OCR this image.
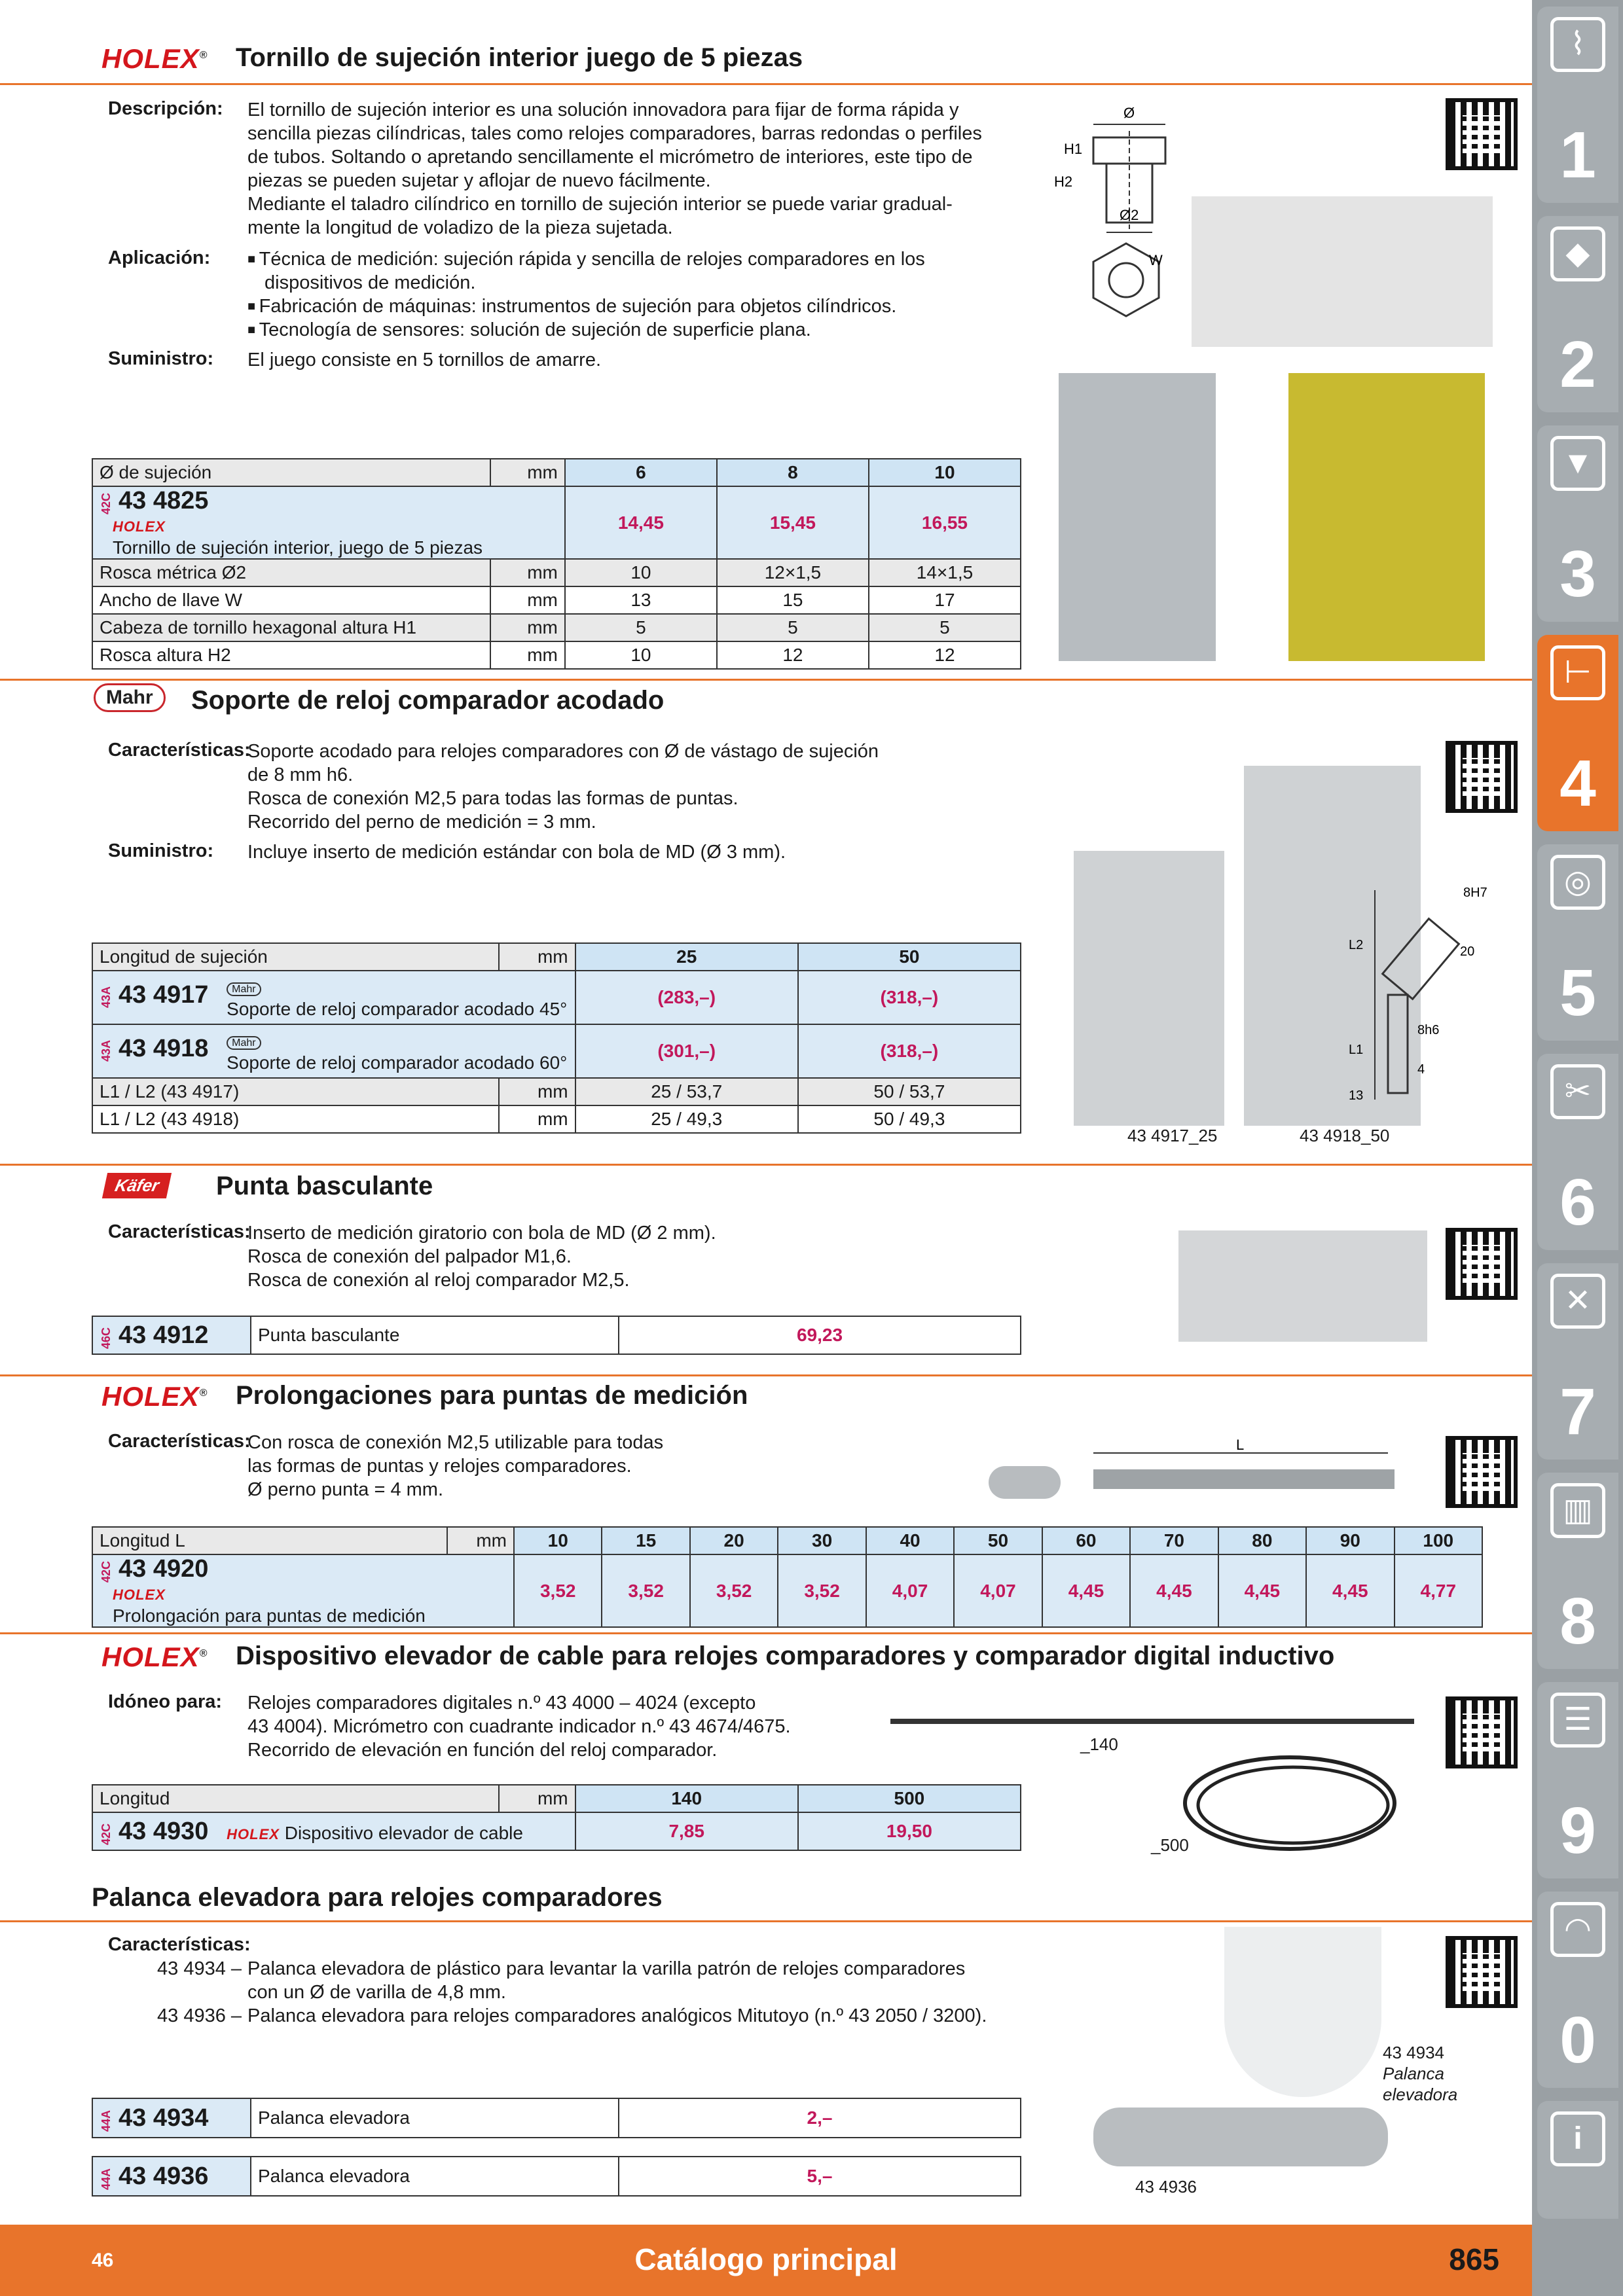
HOLEX® Tornillo de sujeción interior juego de 5 piezas
Descripción: El tornillo de sujeción interior es una solución innovadora para fijar de forma rápida y

sencilla piezas cilíndricas, tales como relojes comparadores, barras redondas o perfiles

de tubos. Soltando o apretando sencillamente el micrómetro de interiores, este tipo de

piezas se pueden sujetar y aflojar de nuevo fácilmente.

Mediante el taladro cilíndrico en tornillo de sujeción interior se puede variar gradual-

mente la longitud de voladizo de la pieza sujetada.

Aplicación:	■ Técnica de medición: sujeción rápida y sencilla de relojes comparadores en los

dispositivos de medición.

■ Fabricación de máquinas: instrumentos de sujeción para objetos cilíndricos.

■ Tecnología de sensores: solución de sujeción de superficie plana.

Suministro: El juego consiste en 5 tornillos de amarre.
Ø
H1
H2
Ø2
W
Ø de sujeción	mm	6	8	10
42C 43 4825 HOLEX
Tornillo de sujeción interior, juego de 5 piezas		14,45	15,45	16,55
Rosca métrica Ø2	mm	10	12×1,5	14×1,5
Ancho de llave W	mm	13	15	17
Cabeza de tornillo hexagonal altura H1	mm	5	5	5
Rosca altura H2	mm	10	12	12
Mahr	Soporte de reloj comparador acodado
Características:

Soporte acodado para relojes comparadores con Ø de vástago de sujeción

de 8 mm h6.

Rosca de conexión M2,5 para todas las formas de puntas.

Recorrido del perno de medición = 3 mm.

Suministro: Incluye inserto de medición estándar con bola de MD (Ø 3 mm).
43 4917_25	43 4918_50
L2
L1
8h6
8H7
20
4
13
Longitud de sujeción	mm	25	50
43A 43 4917 Mahr
Soporte de reloj comparador acodado 45°		(283,–)	(318,–)
43A 43 4918 Mahr
Soporte de reloj comparador acodado 60°		(301,–)	(318,–)
L1 / L2 (43 4917)	mm	25 / 53,7	50 / 53,7
L1 / L2 (43 4918)	mm	25 / 49,3	50 / 49,3
Käfer	Punta basculante
Características:

Inserto de medición giratorio con bola de MD (Ø 2 mm).

Rosca de conexión del palpador M1,6.

Rosca de conexión al reloj comparador M2,5.

46C 43 4912	Punta basculante	69,23
HOLEX® Prolongaciones para puntas de medición
Características:

Con rosca de conexión M2,5 utilizable para todas

las formas de puntas y relojes comparadores.

Ø perno punta = 4 mm.

L
Longitud L	mm	10	15	20	30	40	50	60	70	80	90	100
42C 43 4920 HOLEX
Prolongación para puntas de medición		3,52	3,52	3,52	3,52	4,07	4,07	4,45	4,45	4,45	4,45	4,77
HOLEX® Dispositivo elevador de cable para relojes comparadores y comparador digital inductivo
Idóneo para: Relojes comparadores digitales n.º 43 4000 – 4024 (excepto

43 4004). Micrómetro con cuadrante indicador n.º 43 4674/4675.

Recorrido de elevación en función del reloj comparador.	_140
_500
Longitud	mm	140	500
42C 43 4930 HOLEX Dispositivo elevador de cable		7,85	19,50
Palanca elevadora para relojes comparadores
Características:

43 4934 – Palanca elevadora de plástico para levantar la varilla patrón de relojes comparadores

con un Ø de varilla de 4,8 mm.

43 4936 – Palanca elevadora para relojes comparadores analógicos Mitutoyo (n.º 43 2050 / 3200).

43 4934
Palanca
elevadora
43 4936
44A 43 4934	Palanca elevadora	2,–
44A 43 4936	Palanca elevadora	5,–
46	Catálogo principal	865
⌇
1
◆
2
▼
3
⊢
4
◎
5
✂
6
✕
7
▥
8
☰
9
◠
0
i
